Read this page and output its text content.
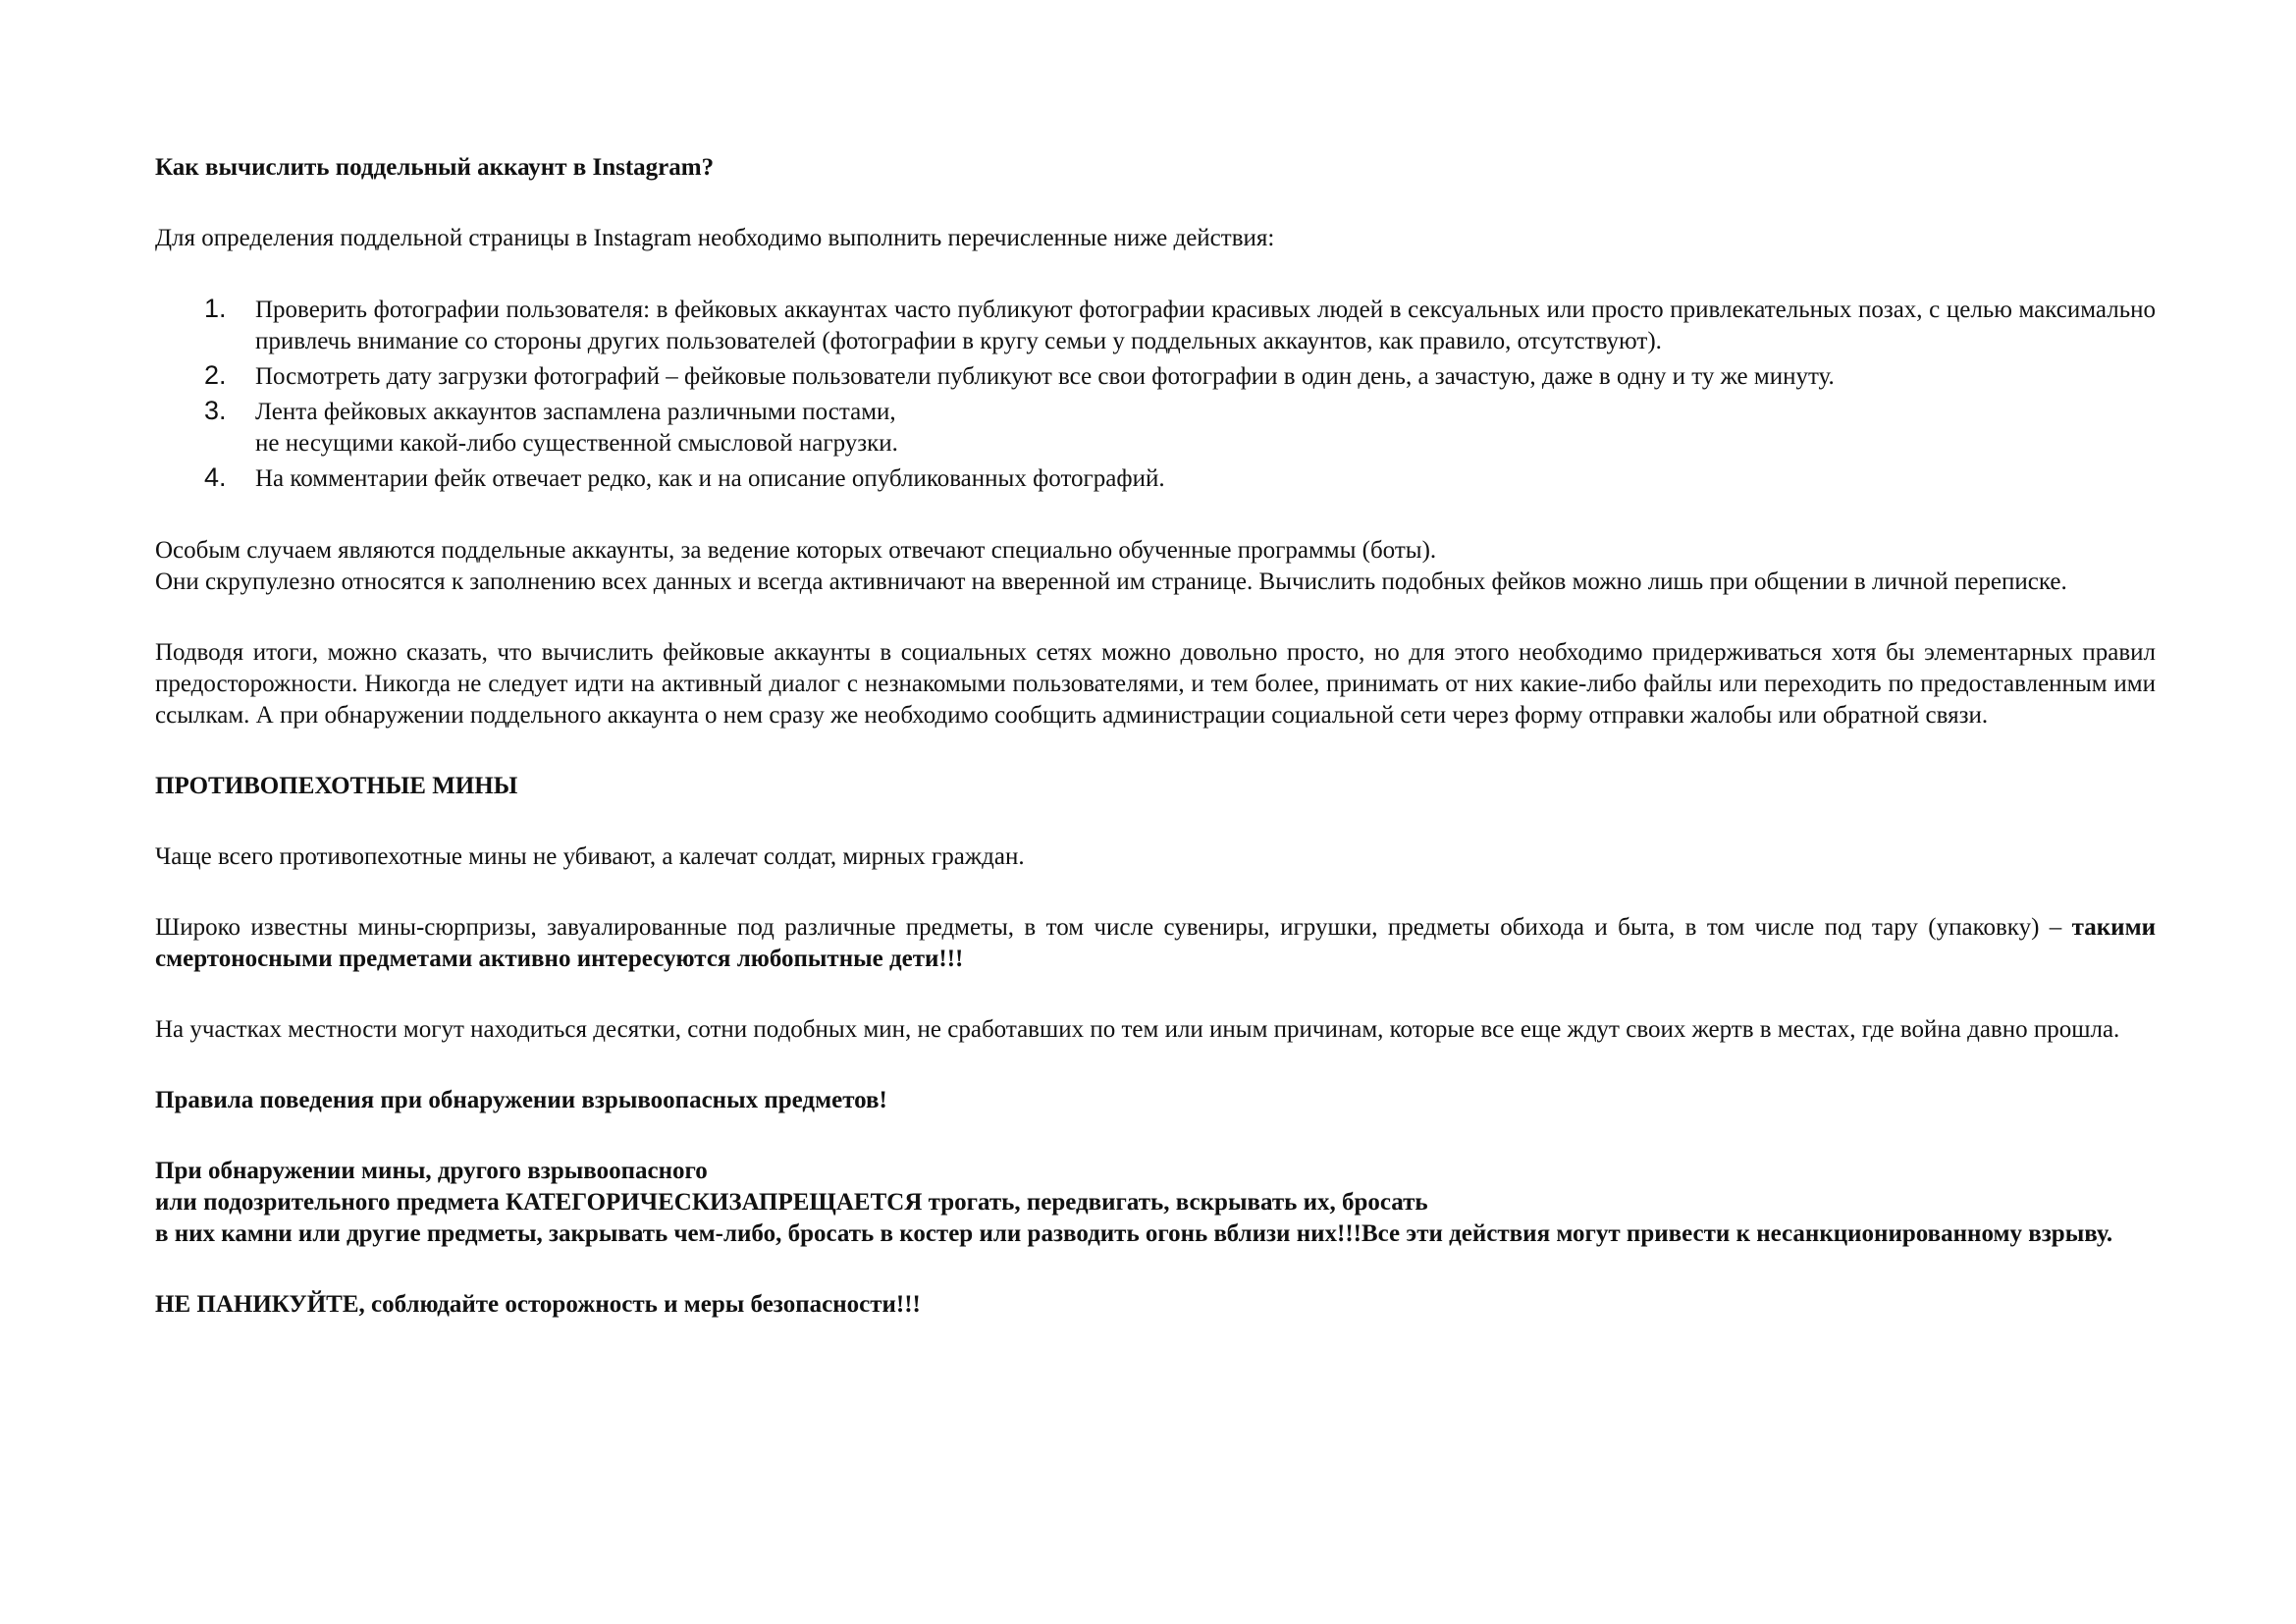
Как вычислить поддельный аккаунт в Instagram?

Для определения поддельной страницы в Instagram необходимо выполнить перечисленные ниже действия:

1. Проверить фотографии пользователя: в фейковых аккаунтах часто публикуют фотографии красивых людей в сексуальных или просто привлекательных позах, с целью максимально привлечь внимание со стороны других пользователей (фотографии в кругу семьи у поддельных аккаунтов, как правило, отсутствуют).
2. Посмотреть дату загрузки фотографий – фейковые пользователи публикуют все свои фотографии в один день, а зачастую, даже в одну и ту же минуту.
3. Лента фейковых аккаунтов заспамлена различными постами,
не несущими какой-либо существенной смысловой нагрузки.
4. На комментарии фейк отвечает редко, как и на описание опубликованных фотографий.

Особым случаем являются поддельные аккаунты, за ведение которых отвечают специально обученные программы (боты).

Они скрупулезно относятся к заполнению всех данных и всегда активничают на вверенной им странице. Вычислить подобных фейков можно лишь при общении в личной переписке.

Подводя итоги, можно сказать, что вычислить фейковые аккаунты в социальных сетях можно довольно просто, но для этого необходимо придерживаться хотя бы элементарных правил предосторожности. Никогда не следует идти на активный диалог с незнакомыми пользователями, и тем более, принимать от них какие-либо файлы или переходить по предоставленным ими ссылкам. А при обнаружении поддельного аккаунта о нем сразу же необходимо сообщить администрации социальной сети через форму отправки жалобы или обратной связи.

ПРОТИВОПЕХОТНЫЕ МИНЫ

Чаще всего противопехотные мины не убивают, а калечат солдат, мирных граждан.

Широко известны мины-сюрпризы, завуалированные под различные предметы, в том числе сувениры, игрушки, предметы обихода и быта, в том числе под тару (упаковку) – такими смертоносными предметами активно интересуются любопытные дети!!!

На участках местности могут находиться десятки, сотни подобных мин, не сработавших по тем или иным причинам, которые все еще ждут своих жертв в местах, где война давно прошла.

Правила поведения при обнаружении взрывоопасных предметов!

При обнаружении мины, другого взрывоопасного

или подозрительного предмета КАТЕГОРИЧЕСКИЗАПРЕЩАЕТСЯ трогать, передвигать, вскрывать их, бросать

в них камни или другие предметы, закрывать чем-либо, бросать в костер или разводить огонь вблизи них!!!Все эти действия могут привести к несанкционированному взрыву.

НЕ ПАНИКУЙТЕ, соблюдайте осторожность и меры безопасности!!!
